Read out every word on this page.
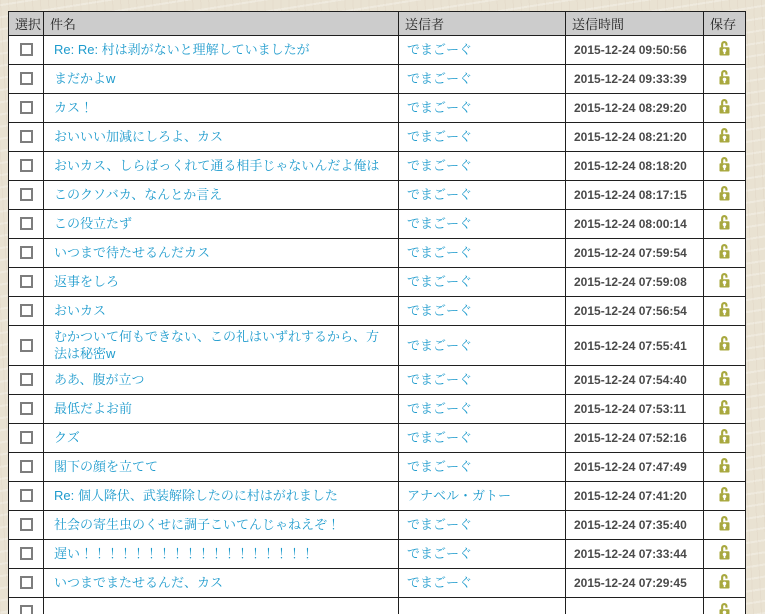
選択	件名	送信者	送信時間	保存
	Re: Re: 村は剥がないと理解していましたが	でまごーぐ	2015-12-24 09:50:56	

	まだかよw	でまごーぐ	2015-12-24 09:33:39	

	カス！	でまごーぐ	2015-12-24 08:29:20	

	おいいい加減にしろよ、カス	でまごーぐ	2015-12-24 08:21:20	

	おいカス、しらばっくれて通る相手じゃないんだよ俺は	でまごーぐ	2015-12-24 08:18:20	

	このクソバカ、なんとか言え	でまごーぐ	2015-12-24 08:17:15	

	この役立たず	でまごーぐ	2015-12-24 08:00:14	

	いつまで待たせるんだカス	でまごーぐ	2015-12-24 07:59:54	

	返事をしろ	でまごーぐ	2015-12-24 07:59:08	

	おいカス	でまごーぐ	2015-12-24 07:56:54	

	むかついて何もできない、この礼はいずれするから、方法は秘密w	でまごーぐ	2015-12-24 07:55:41	

	ああ、腹が立つ	でまごーぐ	2015-12-24 07:54:40	

	最低だよお前	でまごーぐ	2015-12-24 07:53:11	

	クズ	でまごーぐ	2015-12-24 07:52:16	

	閣下の顔を立てて	でまごーぐ	2015-12-24 07:47:49	

	Re: 個人降伏、武装解除したのに村はがれました	アナベル・ガトー	2015-12-24 07:41:20	

	社会の寄生虫のくせに調子こいてんじゃねえぞ！	でまごーぐ	2015-12-24 07:35:40	

	遅い！！！！！！！！！！！！！！！！！！	でまごーぐ	2015-12-24 07:33:44	

	いつまでまたせるんだ、カス	でまごーぐ	2015-12-24 07:29:45	
